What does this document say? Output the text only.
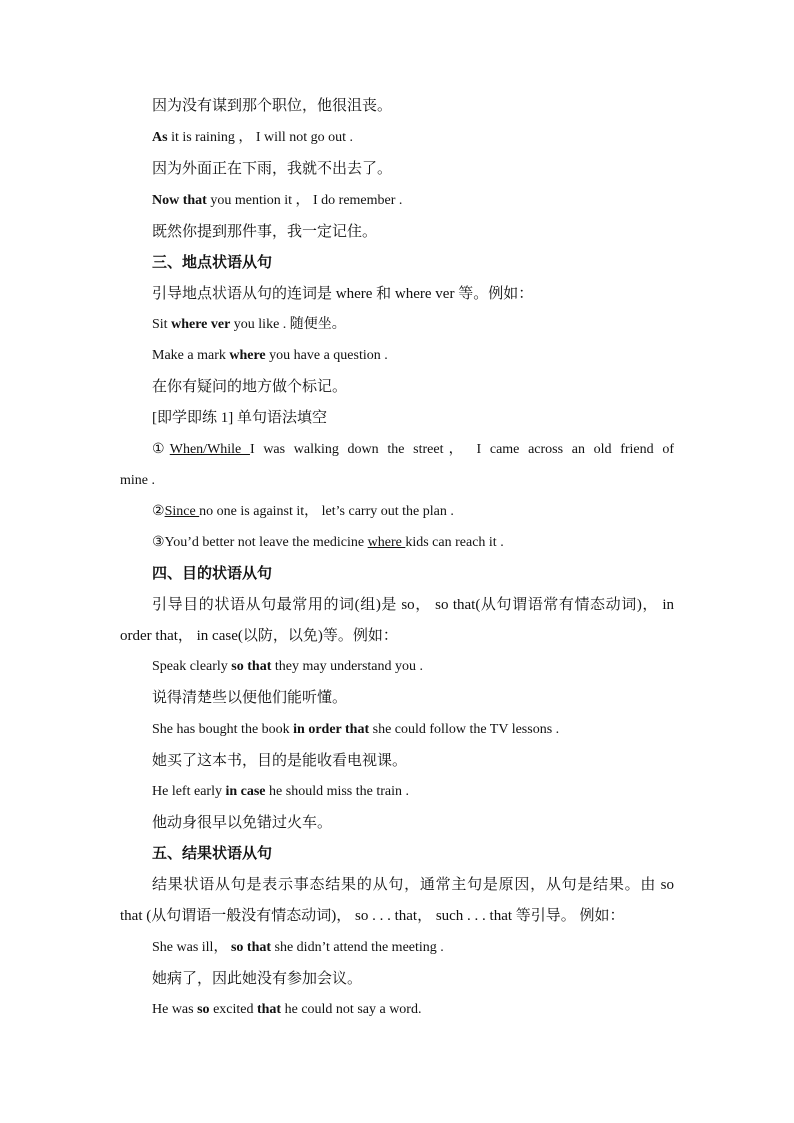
因为没有谋到那个职位，他很沮丧。
As it is raining ， I will not go out .
因为外面正在下雨，我就不出去了。
Now that you mention it ， I do remember .
既然你提到那件事，我一定记住。
三、地点状语从句
引导地点状语从句的连词是 where 和 where ver 等。例如：
Sit where ver you like . 随便坐。
Make a mark where you have a question .
在你有疑问的地方做个标记。
[即学即练 1] 单句语法填空
①When/While I was walking down the street， I came across an old friend of
mine .
②Since no one is against it， let’s carry out the plan .
③You’d better not leave the medicine where kids can reach it .
四、目的状语从句
引导目的状语从句最常用的词(组)是 so， so that(从句谓语常有情态动词)， in
order that， in case(以防，以免)等。例如：
Speak clearly so that they may understand you .
说得清楚些以便他们能听懂。
She has bought the book in order that she could follow the TV lessons .
她买了这本书，目的是能收看电视课。
He left early in case he should miss the train .
他动身很早以免错过火车。
五、结果状语从句
结果状语从句是表示事态结果的从句，通常主句是原因，从句是结果。由 so
that (从句谓语一般没有情态动词)， so . . . that， such . . . that 等引导。 例如：
She was ill， so that she didn’t attend the meeting .
她病了，因此她没有参加会议。
He was so excited that he could not say a word.
